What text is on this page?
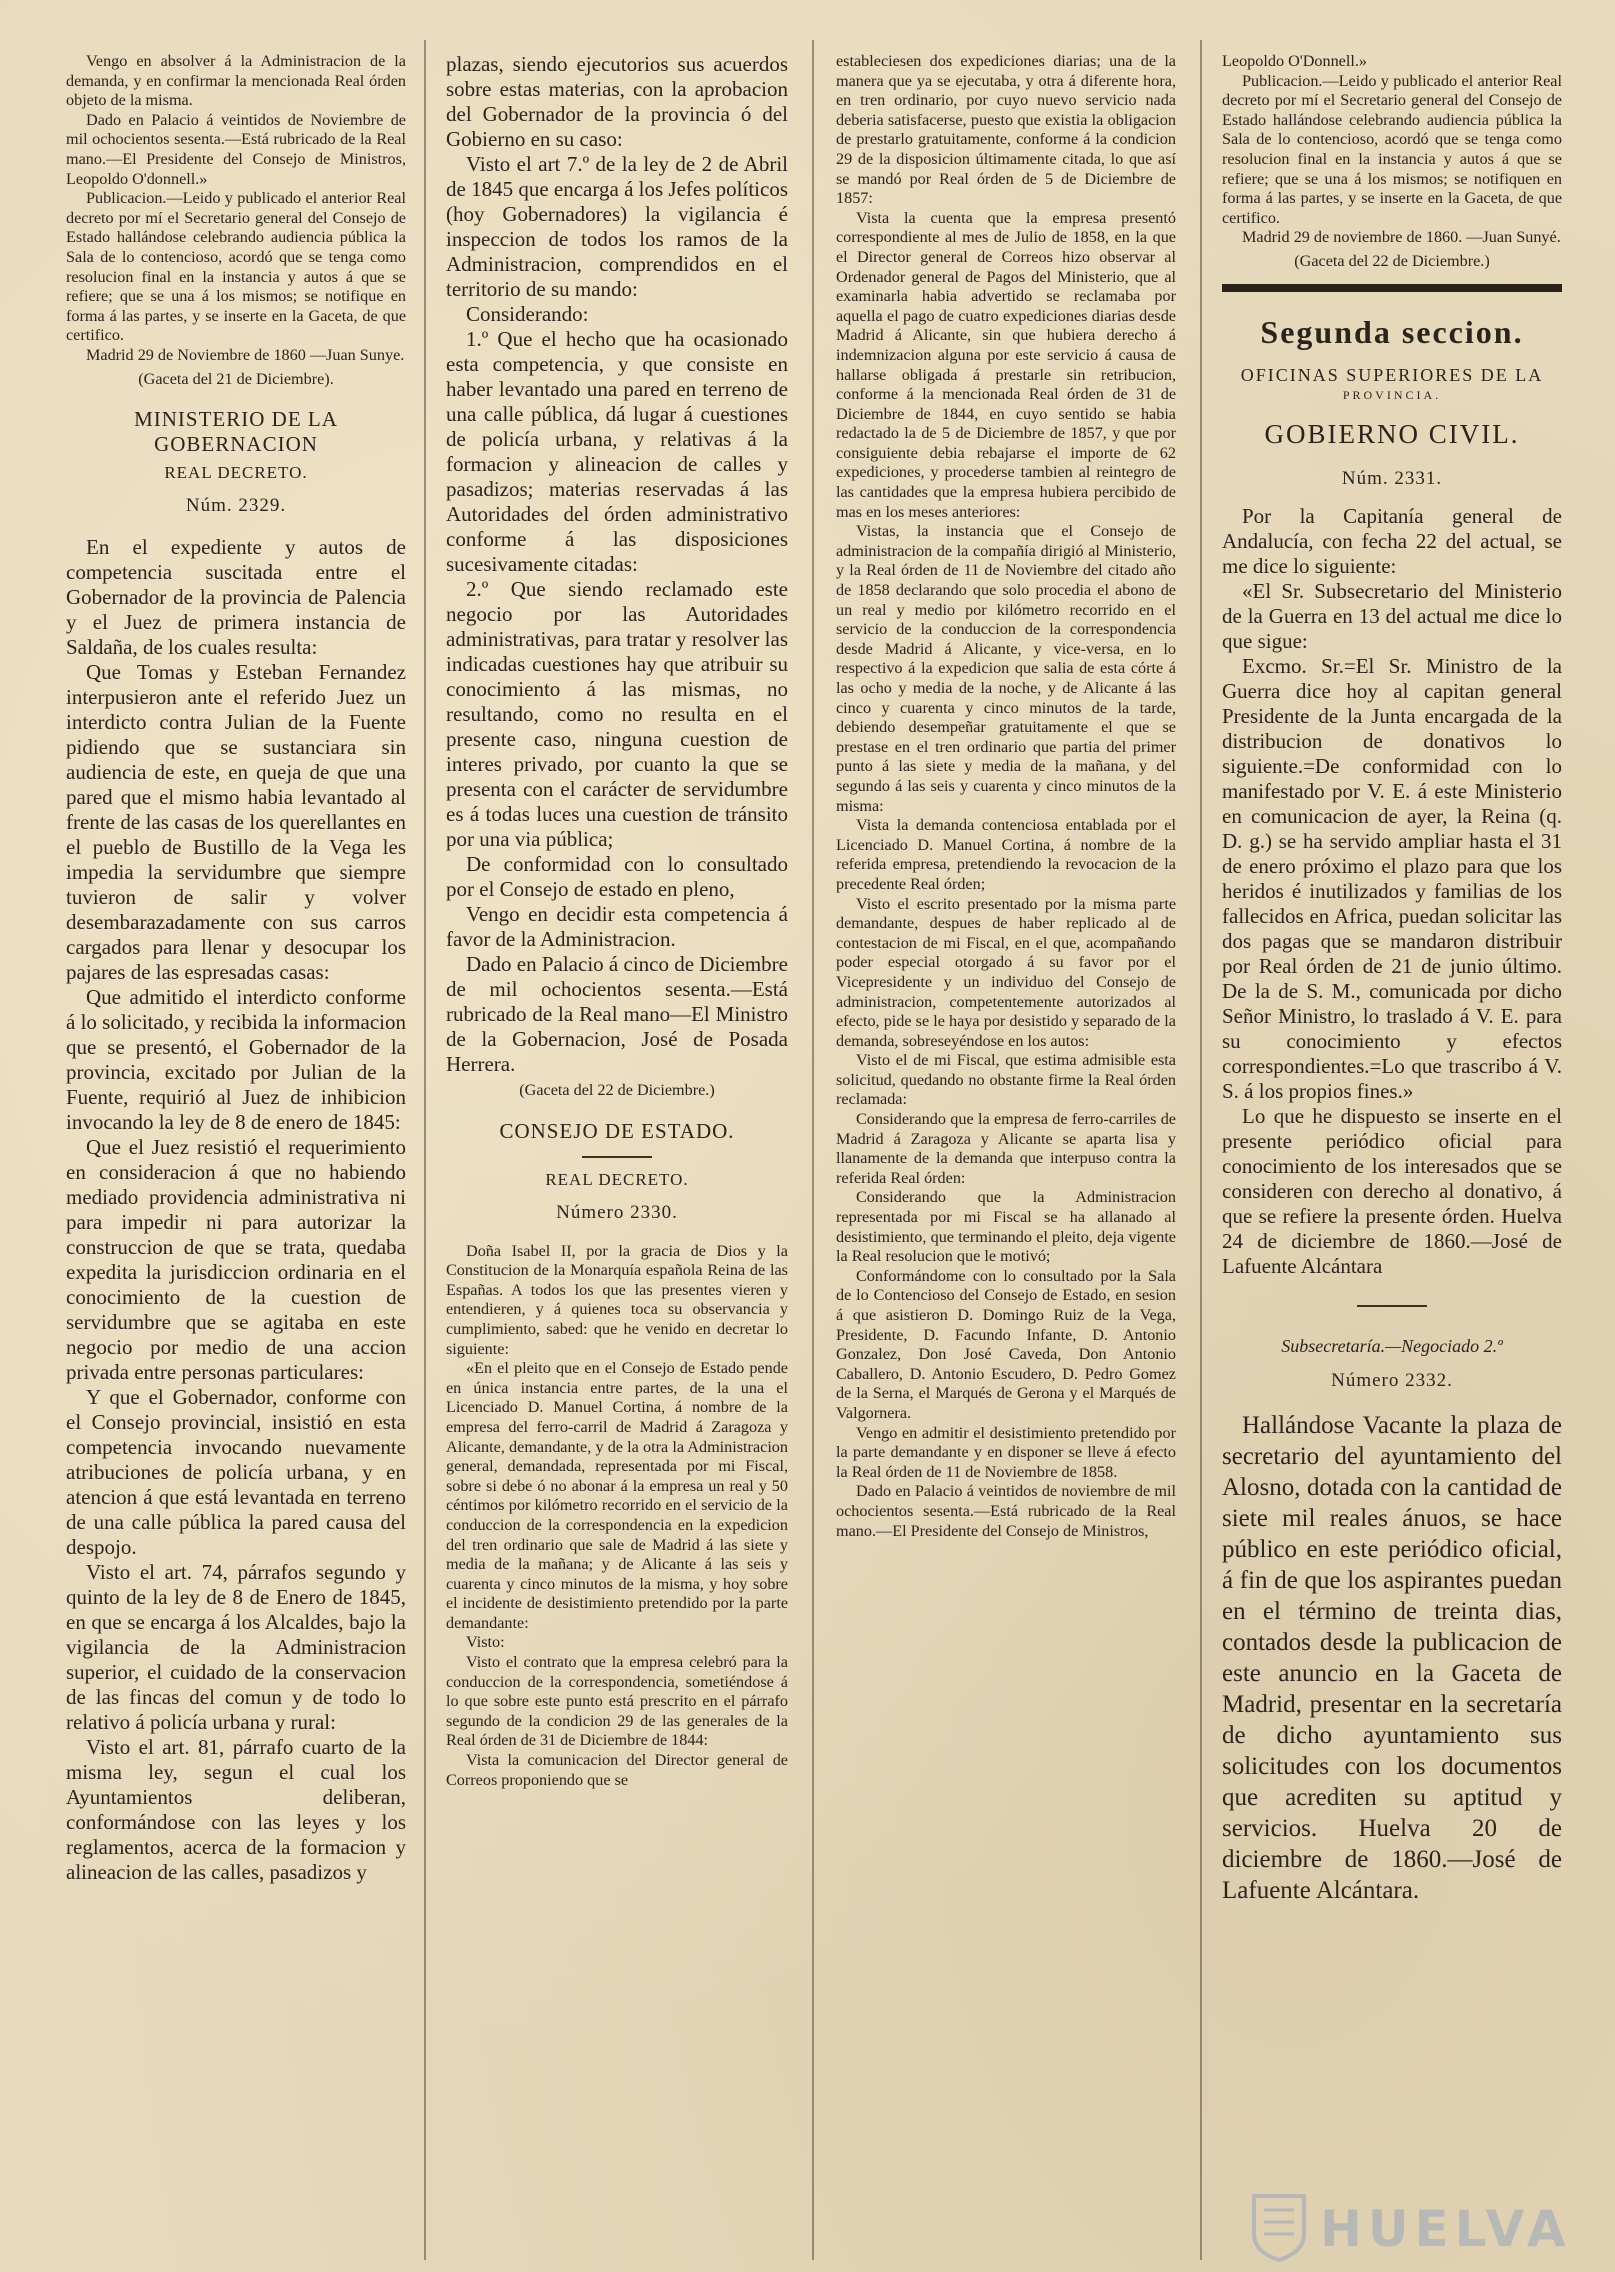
Vengo en absolver á la Administracion de la demanda, y en confirmar la mencionada Real órden objeto de la misma.

Dado en Palacio á veintidos de Noviembre de mil ochocientos sesenta.—Está rubricado de la Real mano.—El Presidente del Consejo de Ministros, Leopoldo O'donnell.»

Publicacion.—Leido y publicado el anterior Real decreto por mí el Secretario general del Consejo de Estado hallándose celebrando audiencia pública la Sala de lo contencioso, acordó que se tenga como resolucion final en la instancia y autos á que se refiere; que se una á los mismos; se notifique en forma á las partes, y se inserte en la Gaceta, de que certifico.

Madrid 29 de Noviembre de 1860 —Juan Sunye.

(Gaceta del 21 de Diciembre).

MINISTERIO DE LA GOBERNACION
REAL DECRETO.
Núm. 2329.

En el expediente y autos de competencia suscitada entre el Gobernador de la provincia de Palencia y el Juez de primera instancia de Saldaña, de los cuales resulta:

Que Tomas y Esteban Fernandez interpusieron ante el referido Juez un interdicto contra Julian de la Fuente pidiendo que se sustanciara sin audiencia de este, en queja de que una pared que el mismo habia levantado al frente de las casas de los querellantes en el pueblo de Bustillo de la Vega les impedia la servidumbre que siempre tuvieron de salir y volver desembarazadamente con sus carros cargados para llenar y desocupar los pajares de las espresadas casas:

Que admitido el interdicto conforme á lo solicitado, y recibida la informacion que se presentó, el Gobernador de la provincia, excitado por Julian de la Fuente, requirió al Juez de inhibicion invocando la ley de 8 de enero de 1845:

Que el Juez resistió el requerimiento en consideracion á que no habiendo mediado providencia administrativa ni para impedir ni para autorizar la construccion de que se trata, quedaba expedita la jurisdiccion ordinaria en el conocimiento de la cuestion de servidumbre que se agitaba en este negocio por medio de una accion privada entre personas particulares:

Y que el Gobernador, conforme con el Consejo provincial, insistió en esta competencia invocando nuevamente atribuciones de policía urbana, y en atencion á que está levantada en terreno de una calle pública la pared causa del despojo.

Visto el art. 74, párrafos segundo y quinto de la ley de 8 de Enero de 1845, en que se encarga á los Alcaldes, bajo la vigilancia de la Administracion superior, el cuidado de la conservacion de las fincas del comun y de todo lo relativo á policía urbana y rural:

Visto el art. 81, párrafo cuarto de la misma ley, segun el cual los Ayuntamientos deliberan, conformándose con las leyes y los reglamentos, acerca de la formacion y alineacion de las calles, pasadizos y

plazas, siendo ejecutorios sus acuerdos sobre estas materias, con la aprobacion del Gobernador de la provincia ó del Gobierno en su caso:

Visto el art 7.º de la ley de 2 de Abril de 1845 que encarga á los Jefes políticos (hoy Gobernadores) la vigilancia é inspeccion de todos los ramos de la Administracion, comprendidos en el territorio de su mando:

Considerando:

1.º Que el hecho que ha ocasionado esta competencia, y que consiste en haber levantado una pared en terreno de una calle pública, dá lugar á cuestiones de policía urbana, y relativas á la formacion y alineacion de calles y pasadizos; materias reservadas á las Autoridades del órden administrativo conforme á las disposiciones sucesivamente citadas:

2.º Que siendo reclamado este negocio por las Autoridades administrativas, para tratar y resolver las indicadas cuestiones hay que atribuir su conocimiento á las mismas, no resultando, como no resulta en el presente caso, ninguna cuestion de interes privado, por cuanto la que se presenta con el carácter de servidumbre es á todas luces una cuestion de tránsito por una via pública;

De conformidad con lo consultado por el Consejo de estado en pleno,

Vengo en decidir esta competencia á favor de la Administracion.

Dado en Palacio á cinco de Diciembre de mil ochocientos sesenta.—Está rubricado de la Real mano—El Ministro de la Gobernacion, José de Posada Herrera.

(Gaceta del 22 de Diciembre.)

CONSEJO DE ESTADO.
REAL DECRETO.
Número 2330.

Doña Isabel II, por la gracia de Dios y la Constitucion de la Monarquía española Reina de las Españas. A todos los que las presentes vieren y entendieren, y á quienes toca su observancia y cumplimiento, sabed: que he venido en decretar lo siguiente:

«En el pleito que en el Consejo de Estado pende en única instancia entre partes, de la una el Licenciado D. Manuel Cortina, á nombre de la empresa del ferro-carril de Madrid á Zaragoza y Alicante, demandante, y de la otra la Administracion general, demandada, representada por mi Fiscal, sobre si debe ó no abonar á la empresa un real y 50 céntimos por kilómetro recorrido en el servicio de la conduccion de la correspondencia en la expedicion del tren ordinario que sale de Madrid á las siete y media de la mañana; y de Alicante á las seis y cuarenta y cinco minutos de la misma, y hoy sobre el incidente de desistimiento pretendido por la parte demandante:

Visto:

Visto el contrato que la empresa celebró para la conduccion de la correspondencia, sometiéndose á lo que sobre este punto está prescrito en el párrafo segundo de la condicion 29 de las generales de la Real órden de 31 de Diciembre de 1844:

Vista la comunicacion del Director general de Correos proponiendo que se

estableciesen dos expediciones diarias; una de la manera que ya se ejecutaba, y otra á diferente hora, en tren ordinario, por cuyo nuevo servicio nada deberia satisfacerse, puesto que existia la obligacion de prestarlo gratuitamente, conforme á la condicion 29 de la disposicion últimamente citada, lo que así se mandó por Real órden de 5 de Diciembre de 1857:

Vista la cuenta que la empresa presentó correspondiente al mes de Julio de 1858, en la que el Director general de Correos hizo observar al Ordenador general de Pagos del Ministerio, que al examinarla habia advertido se reclamaba por aquella el pago de cuatro expediciones diarias desde Madrid á Alicante, sin que hubiera derecho á indemnizacion alguna por este servicio á causa de hallarse obligada á prestarle sin retribucion, conforme á la mencionada Real órden de 31 de Diciembre de 1844, en cuyo sentido se habia redactado la de 5 de Diciembre de 1857, y que por consiguiente debia rebajarse el importe de 62 expediciones, y procederse tambien al reintegro de las cantidades que la empresa hubiera percibido de mas en los meses anteriores:

Vistas, la instancia que el Consejo de administracion de la compañía dirigió al Ministerio, y la Real órden de 11 de Noviembre del citado año de 1858 declarando que solo procedia el abono de un real y medio por kilómetro recorrido en el servicio de la conduccion de la correspondencia desde Madrid á Alicante, y vice-versa, en lo respectivo á la expedicion que salia de esta córte á las ocho y media de la noche, y de Alicante á las cinco y cuarenta y cinco minutos de la tarde, debiendo desempeñar gratuitamente el que se prestase en el tren ordinario que partia del primer punto á las siete y media de la mañana, y del segundo á las seis y cuarenta y cinco minutos de la misma:

Vista la demanda contenciosa entablada por el Licenciado D. Manuel Cortina, á nombre de la referida empresa, pretendiendo la revocacion de la precedente Real órden;

Visto el escrito presentado por la misma parte demandante, despues de haber replicado al de contestacion de mi Fiscal, en el que, acompañando poder especial otorgado á su favor por el Vicepresidente y un individuo del Consejo de administracion, competentemente autorizados al efecto, pide se le haya por desistido y separado de la demanda, sobreseyéndose en los autos:

Visto el de mi Fiscal, que estima admisible esta solicitud, quedando no obstante firme la Real órden reclamada:

Considerando que la empresa de ferro-carriles de Madrid á Zaragoza y Alicante se aparta lisa y llanamente de la demanda que interpuso contra la referida Real órden:

Considerando que la Administracion representada por mi Fiscal se ha allanado al desistimiento, que terminando el pleito, deja vigente la Real resolucion que le motivó;

Conformándome con lo consultado por la Sala de lo Contencioso del Consejo de Estado, en sesion á que asistieron D. Domingo Ruiz de la Vega, Presidente, D. Facundo Infante, D. Antonio Gonzalez, Don José Caveda, Don Antonio Caballero, D. Antonio Escudero, D. Pedro Gomez de la Serna, el Marqués de Gerona y el Marqués de Valgornera.

Vengo en admitir el desistimiento pretendido por la parte demandante y en disponer se lleve á efecto la Real órden de 11 de Noviembre de 1858.

Dado en Palacio á veintidos de noviembre de mil ochocientos sesenta.—Está rubricado de la Real mano.—El Presidente del Consejo de Ministros,

Leopoldo O'Donnell.»

Publicacion.—Leido y publicado el anterior Real decreto por mí el Secretario general del Consejo de Estado hallándose celebrando audiencia pública la Sala de lo contencioso, acordó que se tenga como resolucion final en la instancia y autos á que se refiere; que se una á los mismos; se notifiquen en forma á las partes, y se inserte en la Gaceta, de que certifico.

Madrid 29 de noviembre de 1860. —Juan Sunyé.

(Gaceta del 22 de Diciembre.)

Segunda seccion.
OFICINAS SUPERIORES DE LA
PROVINCIA.
GOBIERNO CIVIL.
Núm. 2331.

Por la Capitanía general de Andalucía, con fecha 22 del actual, se me dice lo siguiente:

«El Sr. Subsecretario del Ministerio de la Guerra en 13 del actual me dice lo que sigue:

Excmo. Sr.=El Sr. Ministro de la Guerra dice hoy al capitan general Presidente de la Junta encargada de la distribucion de donativos lo siguiente.=De conformidad con lo manifestado por V. E. á este Ministerio en comunicacion de ayer, la Reina (q. D. g.) se ha servido ampliar hasta el 31 de enero próximo el plazo para que los heridos é inutilizados y familias de los fallecidos en Africa, puedan solicitar las dos pagas que se mandaron distribuir por Real órden de 21 de junio último. De la de S. M., comunicada por dicho Señor Ministro, lo traslado á V. E. para su conocimiento y efectos correspondientes.=Lo que trascribo á V. S. á los propios fines.»

Lo que he dispuesto se inserte en el presente periódico oficial para conocimiento de los interesados que se consideren con derecho al donativo, á que se refiere la presente órden. Huelva 24 de diciembre de 1860.—José de Lafuente Alcántara

Subsecretaría.—Negociado 2.º

Número 2332.

Hallándose Vacante la plaza de secretario del ayuntamiento del Alosno, dotada con la cantidad de siete mil reales ánuos, se hace público en este periódico oficial, á fin de que los aspirantes puedan en el término de treinta dias, contados desde la publicacion de este anuncio en la Gaceta de Madrid, presentar en la secretaría de dicho ayuntamiento sus solicitudes con los documentos que acrediten su aptitud y servicios. Huelva 20 de diciembre de 1860.—José de Lafuente Alcántara.

HUELVA
